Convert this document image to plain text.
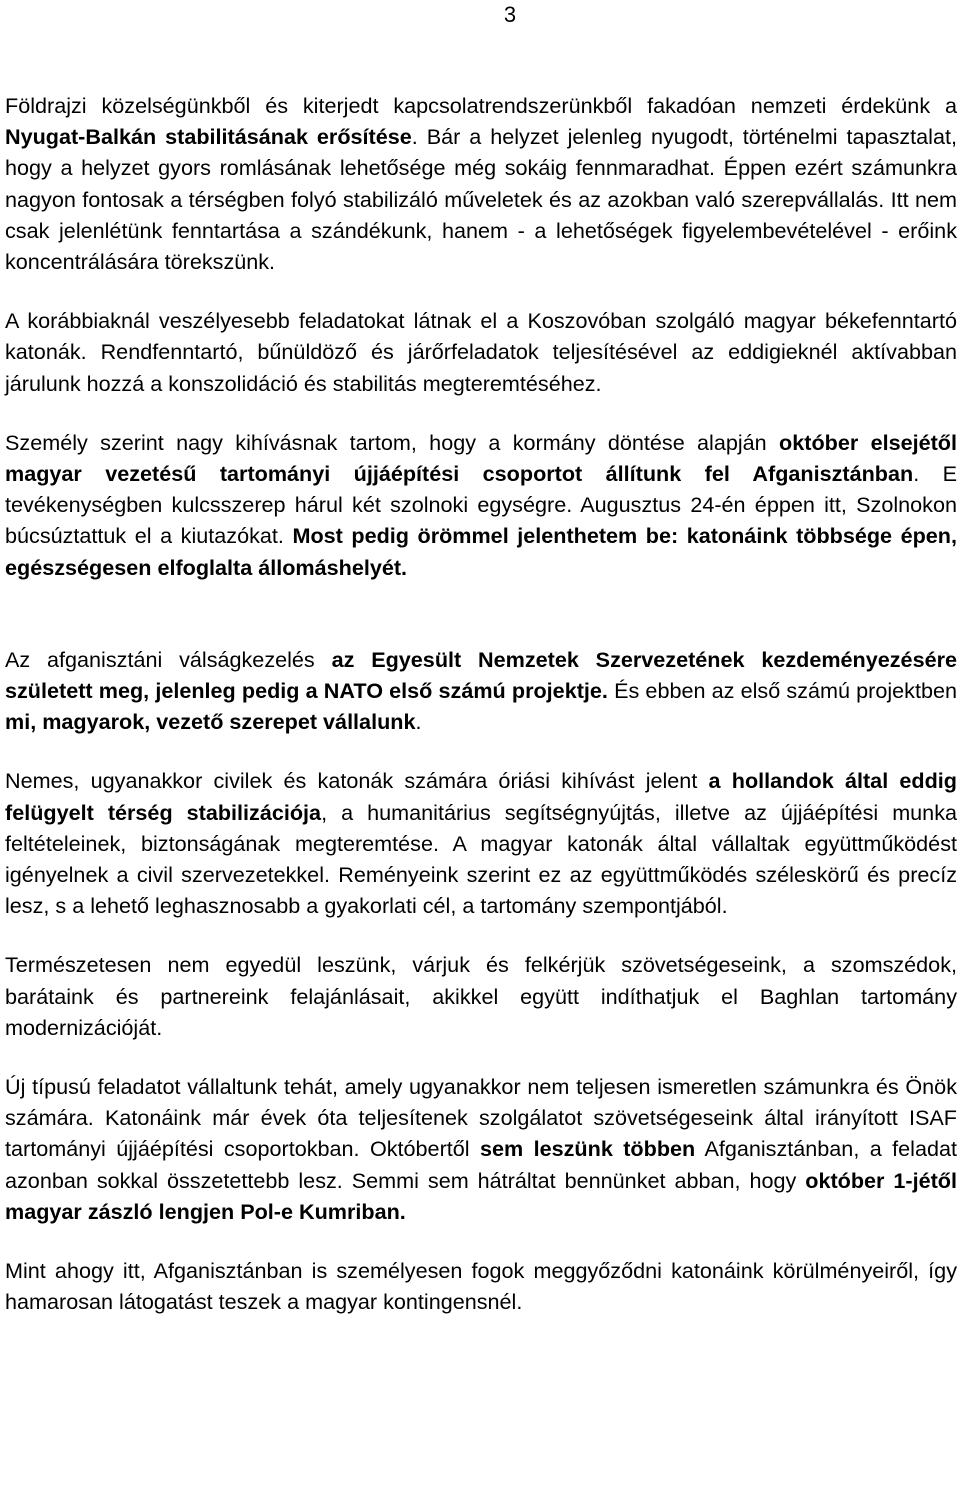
3

Földrajzi közelségünkből és kiterjedt kapcsolatrendszerünkből fakadóan nemzeti érdekünk a Nyugat-Balkán stabilitásának erősítése. Bár a helyzet jelenleg nyugodt, történelmi tapasztalat, hogy a helyzet gyors romlásának lehetősége még sokáig fennmaradhat. Éppen ezért számunkra nagyon fontosak a térségben folyó stabilizáló műveletek és az azokban való szerepvállalás. Itt nem csak jelenlétünk fenntartása a szándékunk, hanem - a lehetőségek figyelembevételével - erőink koncentrálására törekszünk.

A korábbiaknál veszélyesebb feladatokat látnak el a Koszovóban szolgáló magyar békefenntartó katonák. Rendfenntartó, bűnüldöző és járőrfeladatok teljesítésével az eddigieknél aktívabban járulunk hozzá a konszolidáció és stabilitás megteremtéséhez.

Személy szerint nagy kihívásnak tartom, hogy a kormány döntése alapján október elsejétől magyar vezetésű tartományi újjáépítési csoportot állítunk fel Afganisztánban. E tevékenységben kulcsszerep hárul két szolnoki egységre. Augusztus 24-én éppen itt, Szolnokon búcsúztattuk el a kiutazókat. Most pedig örömmel jelenthetem be: katonáink többsége épen, egészségesen elfoglalta állomáshelyét.

Az afganisztáni válságkezelés az Egyesült Nemzetek Szervezetének kezdeményezésére született meg, jelenleg pedig a NATO első számú projektje. És ebben az első számú projektben mi, magyarok, vezető szerepet vállalunk.

Nemes, ugyanakkor civilek és katonák számára óriási kihívást jelent a hollandok által eddig felügyelt térség stabilizációja, a humanitárius segítségnyújtás, illetve az újjáépítési munka feltételeinek, biztonságának megteremtése. A magyar katonák által vállaltak együttműködést igényelnek a civil szervezetekkel. Reményeink szerint ez az együttműködés széleskörű és precíz lesz, s a lehető leghasznosabb a gyakorlati cél, a tartomány szempontjából.

Természetesen nem egyedül leszünk, várjuk és felkérjük szövetségeseink, a szomszédok, barátaink és partnereink felajánlásait, akikkel együtt indíthatjuk el Baghlan tartomány modernizációját.

Új típusú feladatot vállaltunk tehát, amely ugyanakkor nem teljesen ismeretlen számunkra és Önök számára. Katonáink már évek óta teljesítenek szolgálatot szövetségeseink által irányított ISAF tartományi újjáépítési csoportokban. Októbertől sem leszünk többen Afganisztánban, a feladat azonban sokkal összetettebb lesz. Semmi sem hátráltat bennünket abban, hogy október 1-jétől magyar zászló lengjen Pol-e Kumriban.

Mint ahogy itt, Afganisztánban is személyesen fogok meggyőződni katonáink körülményeiről, így hamarosan látogatást teszek a magyar kontingensnél.
